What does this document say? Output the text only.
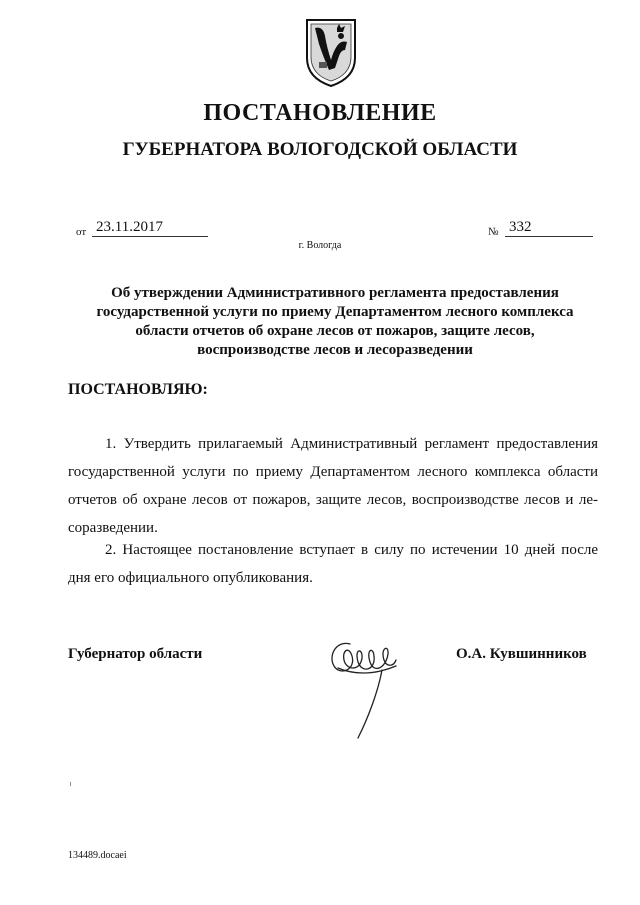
ПОСТАНОВЛЕНИЕ
ГУБЕРНАТОРА ВОЛОГОДСКОЙ ОБЛАСТИ
от 23.11.2017	№ 332
г. Вологда
Об утверждении Административного регламента предоставления
государственной услуги по приему Департаментом лесного комплекса
области отчетов об охране лесов от пожаров, защите лесов,
воспроизводстве лесов и лесоразведении
ПОСТАНОВЛЯЮ:
1. Утвердить прилагаемый Административный регламент предоставления
государственной услуги по приему Департаментом лесного комплекса области
отчетов об охране лесов от пожаров, защите лесов, воспроизводстве лесов и ле-
соразведении.
2. Настоящее постановление вступает в силу по истечении 10 дней после
дня его официального опубликования.
Губернатор области	О.А. Кувшинников
134489.docaei
